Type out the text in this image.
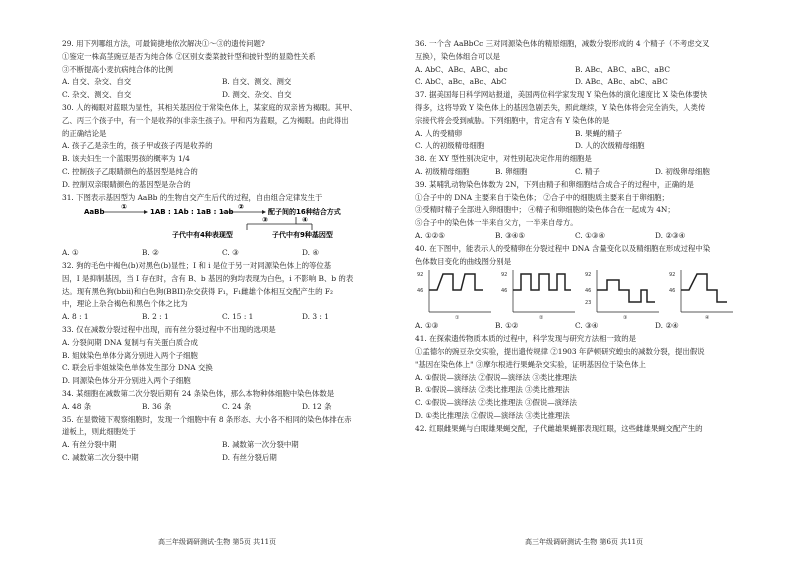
29. 用下列哪组方法，可最简捷地依次解决①～③的遗传问题?
①鉴定一株高茎豌豆是否为纯合体 ②区别女娄菜披针型和披针型的显隐性关系
③不断提高小麦抗病纯合体的比例
A. 自交、杂交、自交	B. 自交、测交、测交
C. 杂交、测交、自交	D. 测交、杂交、自交
30. 人的褐眼对蓝眼为显性，其相关基因位于常染色体上，某家庭的双亲皆为褐眼。其甲、
乙、丙三个孩子中，有一个是收养的(非亲生孩子)。甲和丙为蓝眼，乙为褐眼。由此得出
的正确结论是
A. 孩子乙是亲生的，孩子甲或孩子丙是收养的
B. 该夫妇生一个蓝眼男孩的概率为 1/4
C. 控制孩子乙眼睛颜色的基因型是纯合的
D. 控制双亲眼睛颜色的基因型是杂合的
31. 下图表示基因型为 AaBb 的生物自交产生后代的过程，自由组合定律发生于
AaBb
①
1AB : 1Ab : 1aB : 1ab
②
配子间的16种结合方式
③	④
子代中有4种表现型	子代中有9种基因型
A. ①	B. ②	C. ③	D. ④
32. 狗的毛色中褐色(b)对黑色(b)显性；I 和 i 是位于另一对同源染色体上的等位基
因，I 是抑制基因，当 I 存在时，含有 B、b 基因的狗均表现为白色，i 不影响 B、b 的表
达。现有黑色狗(bbii)和白色狗(BBII)杂交获得 F₁，F₁雌雄个体相互交配产生的 F₂
中，理论上杂合褐色和黑色个体之比为
A. 8 : 1	B. 2 : 1	C. 15 : 1	D. 3 : 1
33. 仅在减数分裂过程中出现，而有丝分裂过程中不出现的选项是
A. 分裂间期 DNA 复制与有关蛋白质合成
B. 姐妹染色单体分离分别进入两个子细胞
C. 联会后非姐妹染色单体发生部分 DNA 交换
D. 同源染色体分开分别进入两个子细胞
34. 某细胞在减数第二次分裂后期有 24 条染色体，那么本物种体细胞中染色体数是
A. 48 条	B. 36 条	C. 24 条	D. 12 条
35. 在显微镜下观察细胞时，发现一个细胞中有 8 条形态、大小各不相同的染色体排在赤
道板上，则此细胞处于
A. 有丝分裂中期	B. 减数第一次分裂中期
C. 减数第二次分裂中期	D. 有丝分裂后期
36. 一个含 AaBbCc 三对同源染色体的精原细胞，减数分裂形成的 4 个精子（不考虑交叉
互换），染色体组合可以是
A. AbC、ABc、ABC、abc	B. ABc、ABC、aBC、aBC
C. AbC、aBc、aBc、AbC	D. ABc、ABc、abC、aBC
37. 据美国每日科学网站报道，美国两位科学家发现 Y 染色体的演化速度比 X 染色体要快
得多，这将导致 Y 染色体上的基因急剧丢失，照此继续，Y 染色体将会完全消失，人类传
宗接代将会受到威胁。下列细胞中，肯定含有 Y 染色体的是
A. 人的受精卵	B. 果蝇的精子
C. 人的初级精母细胞	D. 人的次级精母细胞
38. 在 XY 型性别决定中，对性别起决定作用的细胞是
A. 初级精母细胞	B. 卵细胞	C. 精子	D. 初级卵母细胞
39. 某哺乳动物染色体数为 2N，下列由精子和卵细胞结合成合子的过程中，正确的是
①合子中的 DNA 主要来自于染色体； ②合子中的细胞质主要来自于卵细胞；
③受精时精子全部进入卵细胞中； ④精子和卵细胞的染色体合在一起成为 4N；
⑤合子中的染色体一半来自父方，一半来自母方。
A. ①②⑤	B. ③④⑤	C. ①③④	D. ②③④
40. 在下图中，能表示人的受精卵在分裂过程中 DNA 含量变化以及精细胞在形成过程中染
色体数目变化的曲线图分别是
92
46
①
92
46
②
92
46
23
③
92
46
④
A. ①③	B. ①②	C. ③④	D. ②④
41. 在探索遗传物质本质的过程中，科学发现与研究方法相一致的是
①孟德尔的豌豆杂交实验，提出遗传规律 ②1903 年萨顿研究蝗虫的减数分裂，提出假说
"基因在染色体上" ③摩尔根进行果蝇杂交实验，证明基因位于染色体上
A. ①假说—演绎法 ②假说—演绎法 ③类比推理法
B. ①假说—演绎法 ②类比推理法 ③类比推理法
C. ①假说—演绎法 ②类比推理法 ③假说—演绎法
D. ①类比推理法 ②假说—演绎法 ③类比推理法
42. 红眼雌果蝇与白眼雄果蝇交配，子代雌雄果蝇都表现红眼，这些雌雄果蝇交配产生的
高三年级调研测试·生物 第5页 共11页	高三年级调研测试·生物 第6页 共11页
